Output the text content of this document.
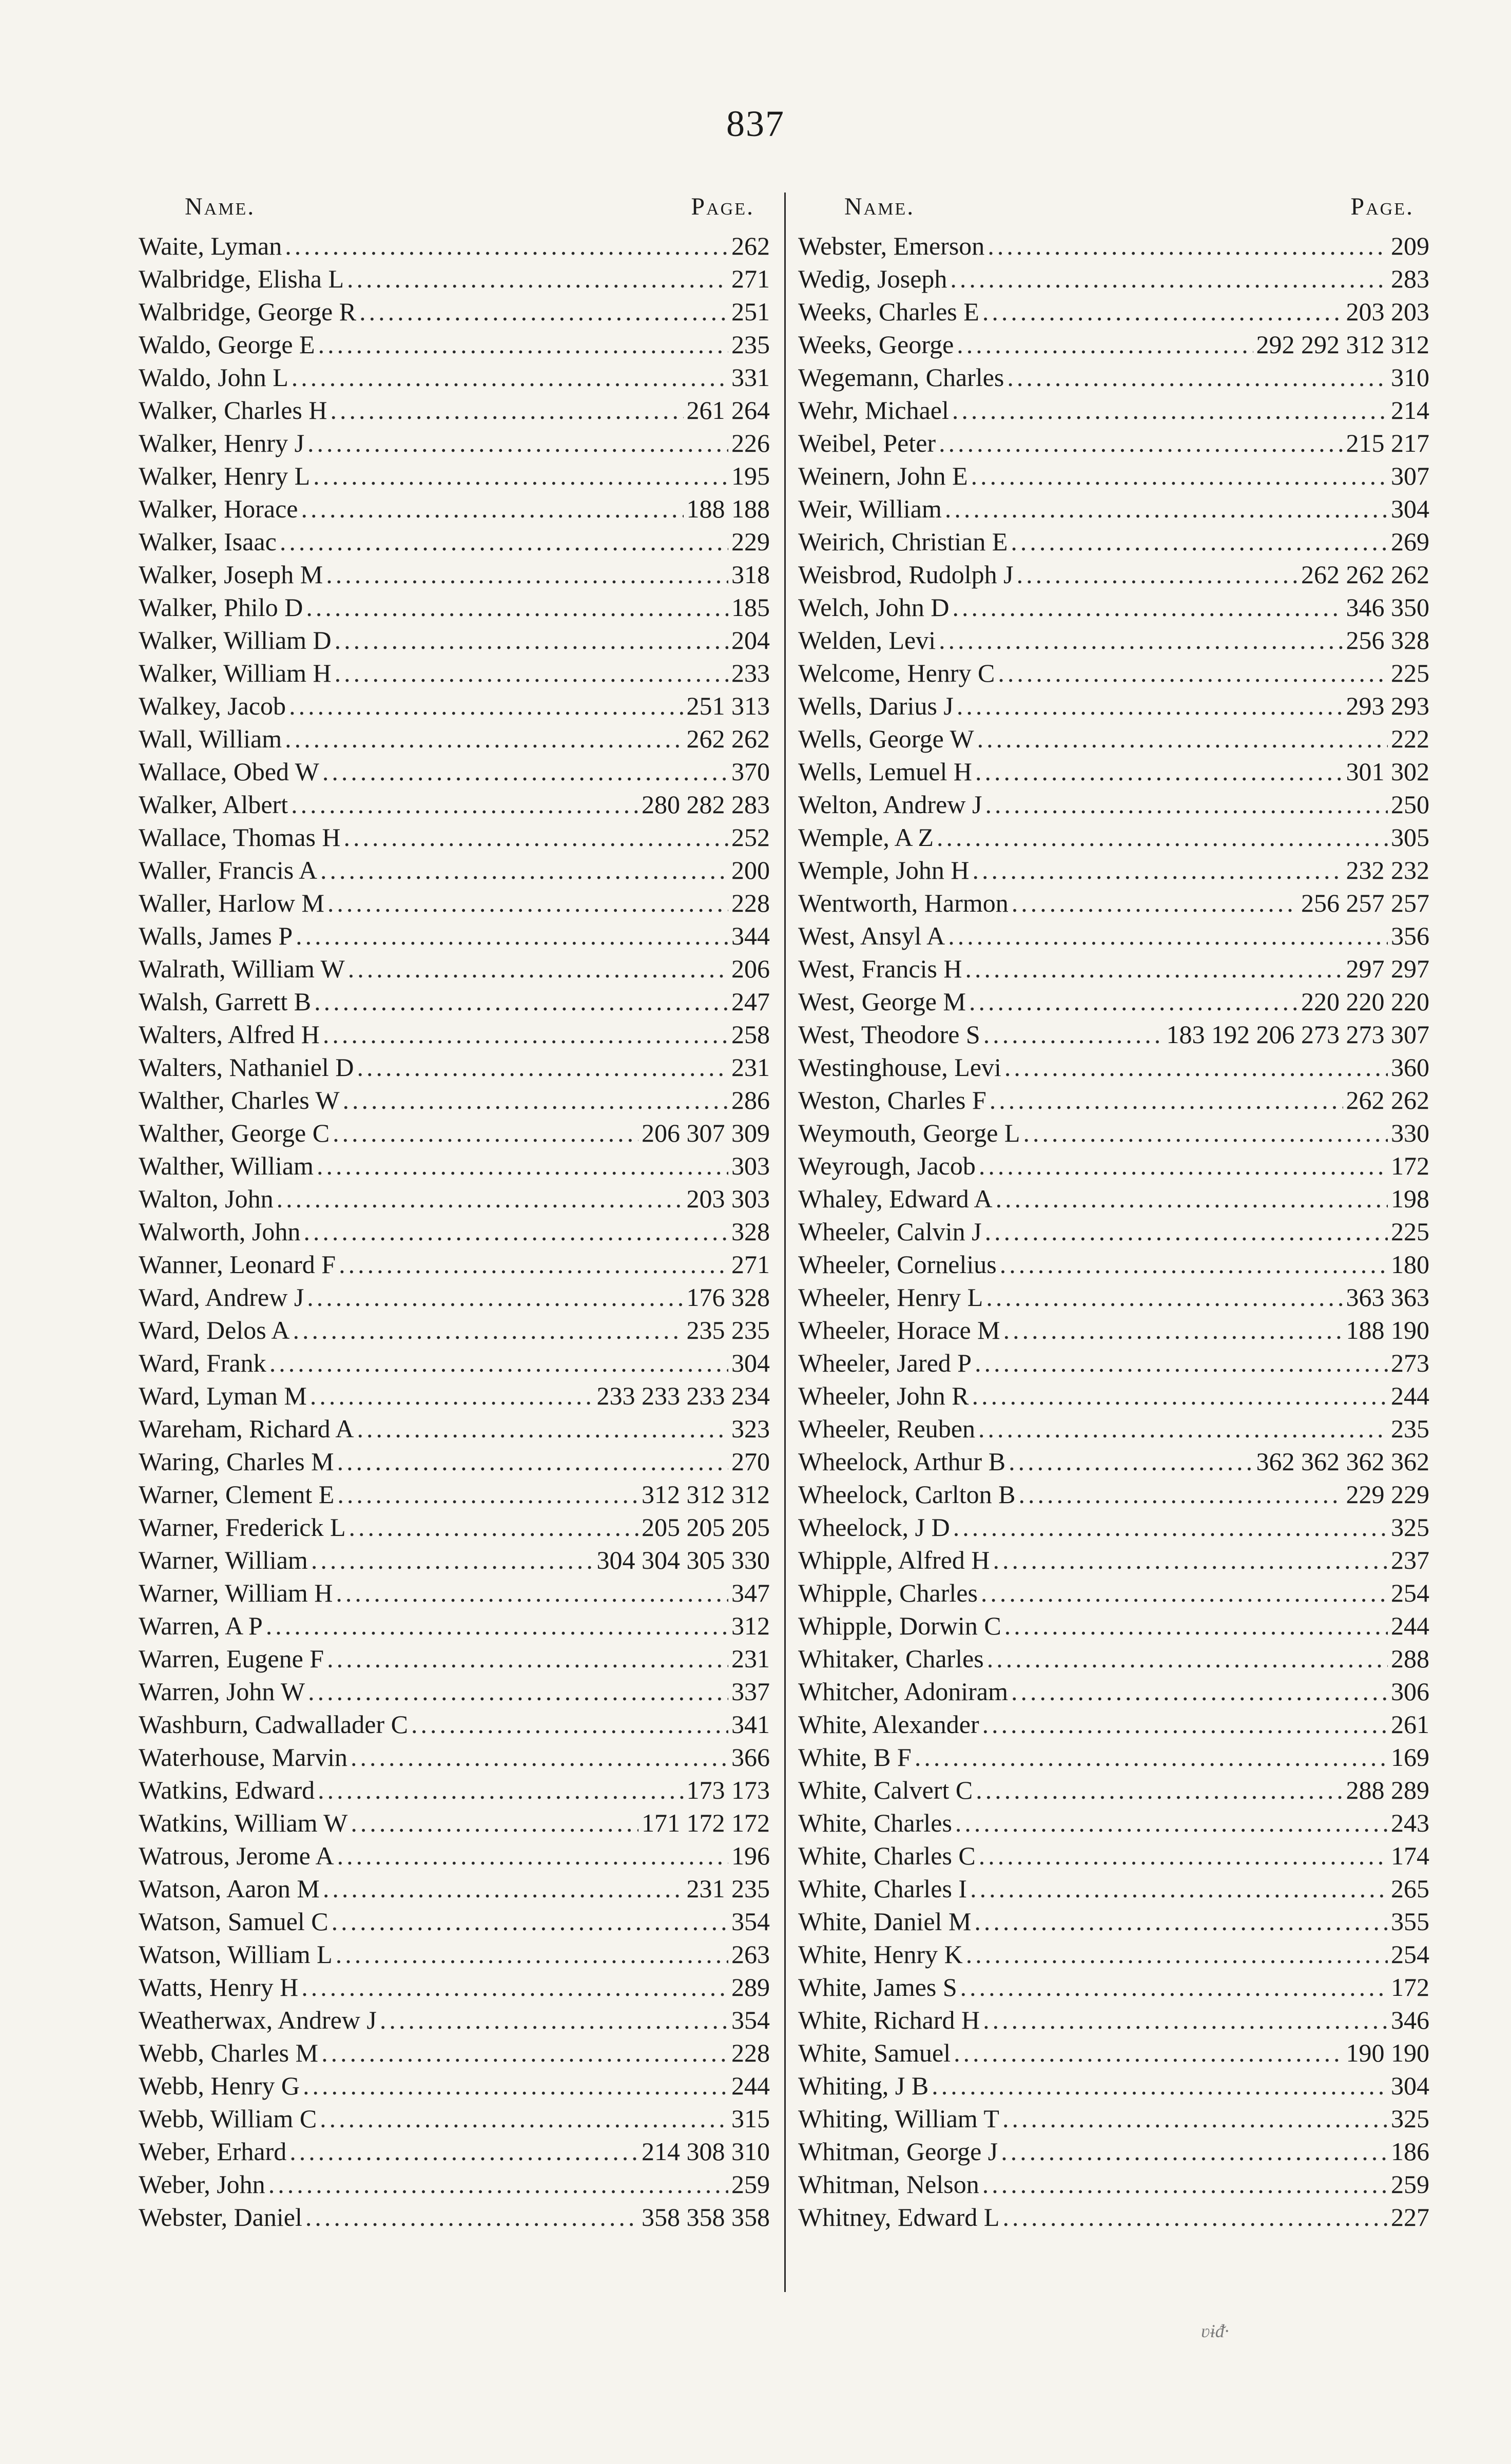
837
Name.	Page.
Waite, Lyman .....	262
Walbridge, Elisha L .....	271
Walbridge, George R .....	251
Waldo, George E .....	235
Waldo, John L .....	331
Walker, Charles H .....	261 264
Walker, Henry J .....	226
Walker, Henry L .....	195
Walker, Horace .....	188 188
Walker, Isaac .....	229
Walker, Joseph M .....	318
Walker, Philo D .....	185
Walker, William D .....	204
Walker, William H .....	233
Walkey, Jacob .....	251 313
Wall, William .....	262 262
Wallace, Obed W .....	370
Walker, Albert .....	280 282 283
Wallace, Thomas H .....	252
Waller, Francis A .....	200
Waller, Harlow M .....	228
Walls, James P .....	344
Walrath, William W .....	206
Walsh, Garrett B .....	247
Walters, Alfred H .....	258
Walters, Nathaniel D .....	231
Walther, Charles W .....	286
Walther, George C .....	206 307 309
Walther, William .....	303
Walton, John .....	203 303
Walworth, John .....	328
Wanner, Leonard F .....	271
Ward, Andrew J .....	176 328
Ward, Delos A .....	235 235
Ward, Frank .....	304
Ward, Lyman M .....	233 233 233 234
Wareham, Richard A .....	323
Waring, Charles M .....	270
Warner, Clement E .....	312 312 312
Warner, Frederick L .....	205 205 205
Warner, William .....	304 304 305 330
Warner, William H .....	347
Warren, A P .....	312
Warren, Eugene F .....	231
Warren, John W .....	337
Washburn, Cadwallader C .....	341
Waterhouse, Marvin .....	366
Watkins, Edward .....	173 173
Watkins, William W .....	171 172 172
Watrous, Jerome A .....	196
Watson, Aaron M .....	231 235
Watson, Samuel C .....	354
Watson, William L .....	263
Watts, Henry H .....	289
Weatherwax, Andrew J .....	354
Webb, Charles M .....	228
Webb, Henry G .....	244
Webb, William C .....	315
Weber, Erhard .....	214 308 310
Weber, John .....	259
Webster, Daniel .....	358 358 358
Name.	Page.
Webster, Emerson .....	209
Wedig, Joseph .....	283
Weeks, Charles E .....	203 203
Weeks, George .....	292 292 312 312
Wegemann, Charles .....	310
Wehr, Michael .....	214
Weibel, Peter .....	215 217
Weinern, John E .....	307
Weir, William .....	304
Weirich, Christian E .....	269
Weisbrod, Rudolph J .....	262 262 262
Welch, John D .....	346 350
Welden, Levi .....	256 328
Welcome, Henry C .....	225
Wells, Darius J .....	293 293
Wells, George W .....	222
Wells, Lemuel H .....	301 302
Welton, Andrew J .....	250
Wemple, A Z .....	305
Wemple, John H .....	232 232
Wentworth, Harmon .....	256 257 257
West, Ansyl A .....	356
West, Francis H .....	297 297
West, George M .....	220 220 220
West, Theodore S .....	183 192 206 273 273 307
Westinghouse, Levi .....	360
Weston, Charles F .....	262 262
Weymouth, George L .....	330
Weyrough, Jacob .....	172
Whaley, Edward A .....	198
Wheeler, Calvin J .....	225
Wheeler, Cornelius .....	180
Wheeler, Henry L .....	363 363
Wheeler, Horace M .....	188 190
Wheeler, Jared P .....	273
Wheeler, John R .....	244
Wheeler, Reuben .....	235
Wheelock, Arthur B .....	362 362 362 362
Wheelock, Carlton B .....	229 229
Wheelock, J D .....	325
Whipple, Alfred H .....	237
Whipple, Charles .....	254
Whipple, Dorwin C .....	244
Whitaker, Charles .....	288
Whitcher, Adoniram .....	306
White, Alexander .....	261
White, B F .....	169
White, Calvert C .....	288 289
White, Charles .....	243
White, Charles C .....	174
White, Charles I .....	265
White, Daniel M .....	355
White, Henry K .....	254
White, James S .....	172
White, Richard H .....	346
White, Samuel .....	190 190
Whiting, J B .....	304
Whiting, William T .....	325
Whitman, George J .....	186
Whitman, Nelson .....	259
Whitney, Edward L .....	227
ʋɨᵭ·
